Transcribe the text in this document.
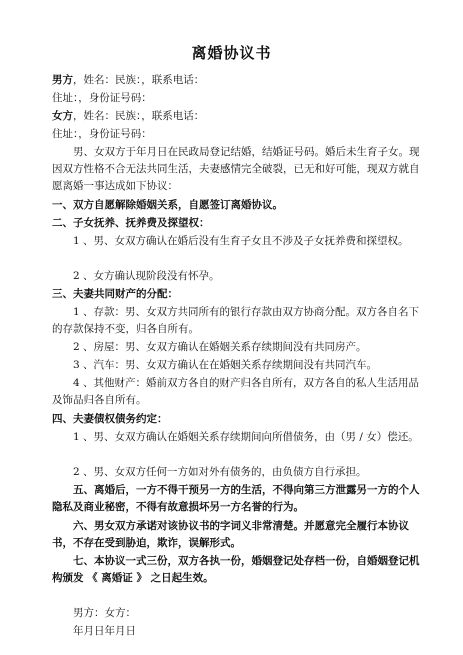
离婚协议书
男方，姓名：民族：，联系电话：
住址：，身份证号码：
女方，姓名：民族：，联系电话：
住址：，身份证号码：
男、女双方于年月日在民政局登记结婚，结婚证号码。婚后未生育子女。现因双方性格不合无法共同生活，夫妻感情完全破裂，已无和好可能，现双方就自愿离婚一事达成如下协议：
一、双方自愿解除婚姻关系，自愿签订离婚协议。
二、子女抚养、抚养费及探望权：
1 、男、女双方确认在婚后没有生育子女且不涉及子女抚养费和探望权。
2 、女方确认现阶段没有怀孕。
三、夫妻共同财产的分配：
1 、存款：男、女双方共同所有的银行存款由双方协商分配。双方各自名下的存款保持不变，归各自所有。
2 、房屋：男、女双方确认在婚姻关系存续期间没有共同房产。
3 、汽车：男、女双方确认在在婚姻关系存续期间没有共同汽车。
4 、其他财产：婚前双方各自的财产归各自所有，双方各自的私人生活用品及饰品归各自所有。
四、夫妻债权债务约定：
1 、男、女双方确认在婚姻关系存续期间向所借债务，由（男 / 女）偿还。
2 、男、女双方任何一方如对外有债务的，由负债方自行承担。
五、离婚后，一方不得干预另一方的生活，不得向第三方泄露另一方的个人隐私及商业秘密，不得有故意损坏另一方名誉的行为。
六、男女双方承诺对该协议书的字词义非常清楚。并愿意完全履行本协议书，不存在受到胁迫，欺诈，误解形式。
七、本协议一式三份，双方各执一份，婚姻登记处存档一份，自婚姻登记机构颁发 《 离婚证 》 之日起生效。
男方：女方：
年月日年月日
